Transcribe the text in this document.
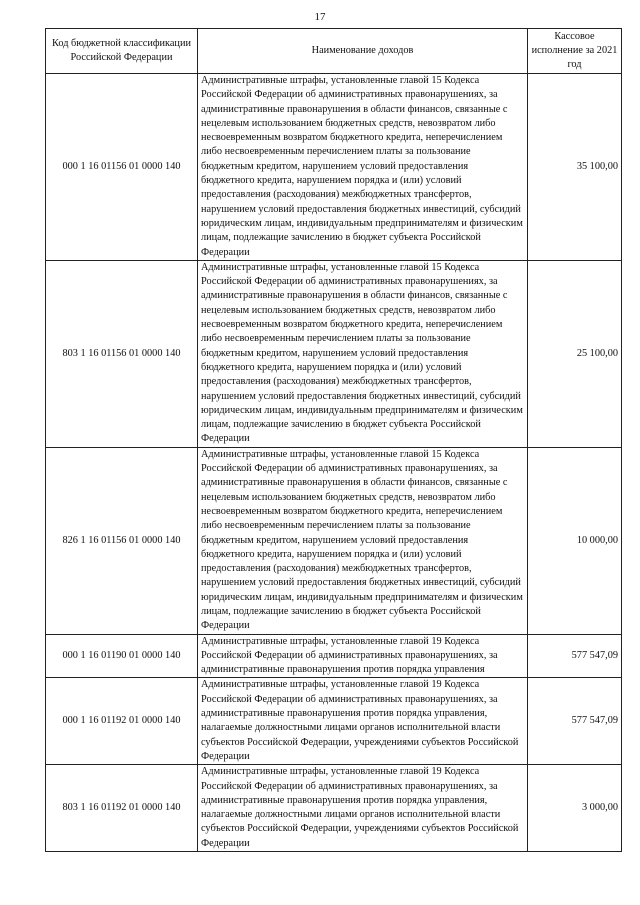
17
Код бюджетной классификации Российской Федерации	Наименование доходов	Кассовое исполнение за 2021 год
000 1 16 01156 01 0000 140	Административные штрафы, установленные главой 15 Кодекса Российской Федерации об административных правонарушениях, за административные правонарушения в области финансов, связанные с нецелевым использованием бюджетных средств, невозвратом либо несвоевременным возвратом бюджетного кредита, неперечислением либо несвоевременным перечислением платы за пользование бюджетным кредитом, нарушением условий предоставления бюджетного кредита, нарушением порядка и (или) условий предоставления (расходования) межбюджетных трансфертов, нарушением условий предоставления бюджетных инвестиций, субсидий юридическим лицам, индивидуальным предпринимателям и физическим лицам, подлежащие зачислению в бюджет субъекта Российской Федерации	35 100,00
803 1 16 01156 01 0000 140	Административные штрафы, установленные главой 15 Кодекса Российской Федерации об административных правонарушениях, за административные правонарушения в области финансов, связанные с нецелевым использованием бюджетных средств, невозвратом либо несвоевременным возвратом бюджетного кредита, неперечислением либо несвоевременным перечислением платы за пользование бюджетным кредитом, нарушением условий предоставления бюджетного кредита, нарушением порядка и (или) условий предоставления (расходования) межбюджетных трансфертов, нарушением условий предоставления бюджетных инвестиций, субсидий юридическим лицам, индивидуальным предпринимателям и физическим лицам, подлежащие зачислению в бюджет субъекта Российской Федерации	25 100,00
826 1 16 01156 01 0000 140	Административные штрафы, установленные главой 15 Кодекса Российской Федерации об административных правонарушениях, за административные правонарушения в области финансов, связанные с нецелевым использованием бюджетных средств, невозвратом либо несвоевременным возвратом бюджетного кредита, неперечислением либо несвоевременным перечислением платы за пользование бюджетным кредитом, нарушением условий предоставления бюджетного кредита, нарушением порядка и (или) условий предоставления (расходования) межбюджетных трансфертов, нарушением условий предоставления бюджетных инвестиций, субсидий юридическим лицам, индивидуальным предпринимателям и физическим лицам, подлежащие зачислению в бюджет субъекта Российской Федерации	10 000,00
000 1 16 01190 01 0000 140	Административные штрафы, установленные главой 19 Кодекса Российской Федерации об административных правонарушениях, за административные правонарушения против порядка управления	577 547,09
000 1 16 01192 01 0000 140	Административные штрафы, установленные главой 19 Кодекса Российской Федерации об административных правонарушениях, за административные правонарушения против порядка управления, налагаемые должностными лицами органов исполнительной власти субъектов Российской Федерации, учреждениями субъектов Российской Федерации	577 547,09
803 1 16 01192 01 0000 140	Административные штрафы, установленные главой 19 Кодекса Российской Федерации об административных правонарушениях, за административные правонарушения против порядка управления, налагаемые должностными лицами органов исполнительной власти субъектов Российской Федерации, учреждениями субъектов Российской Федерации	3 000,00
